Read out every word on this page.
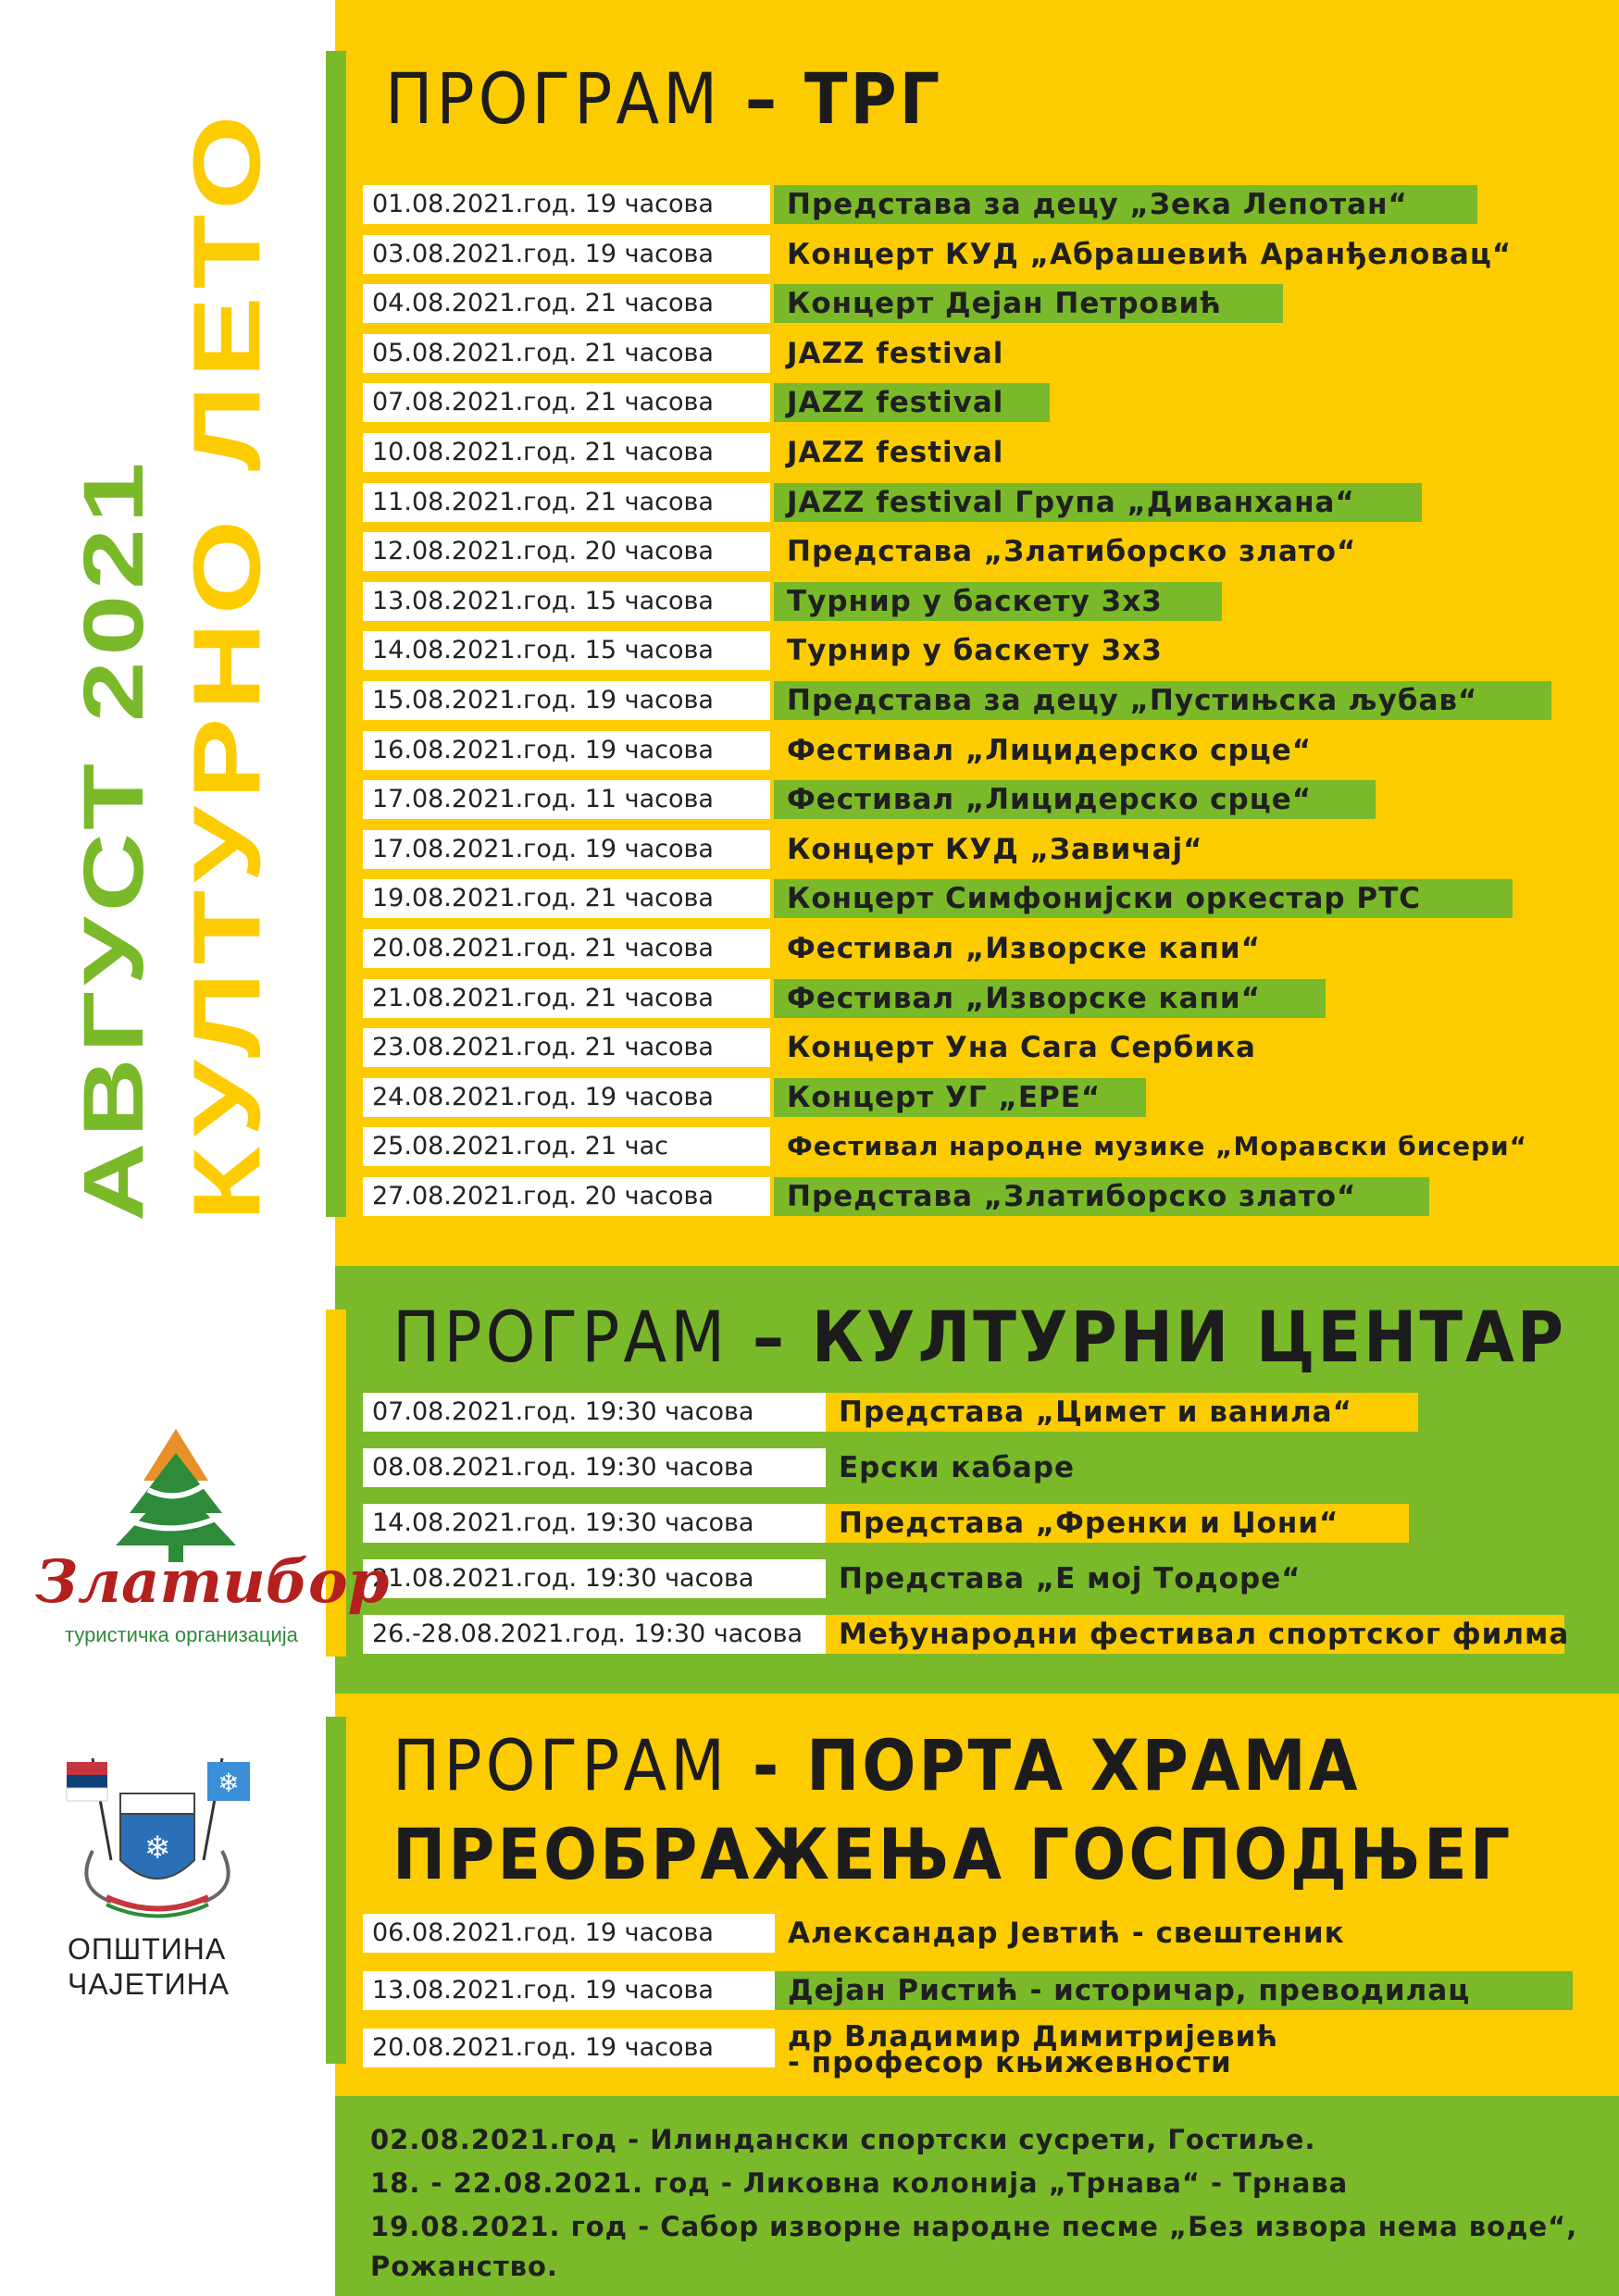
АВГУСТ 2021 КУЛТУРНО ЛЕТО
ПРОГРАМ – ТРГ
01.08.2021.год. 19 часова	Представа за децу „Зека Лепотан“
03.08.2021.год. 19 часова	Концерт КУД „Абрашевић Аранђеловац“
04.08.2021.год. 21 часова	Концерт Дејан Петровић
05.08.2021.год. 21 часова	JAZZ festival
07.08.2021.год. 21 часова	JAZZ festival
10.08.2021.год. 21 часова	JAZZ festival
11.08.2021.год. 21 часова	JAZZ festival Група „Диванхана“
12.08.2021.год. 20 часова	Представа „Златиборско злато“
13.08.2021.год. 15 часова	Турнир у баскету 3x3
14.08.2021.год. 15 часова	Турнир у баскету 3x3
15.08.2021.год. 19 часова	Представа за децу „Пустињска љубав“
16.08.2021.год. 19 часова	Фестивал „Лицидерско срце“
17.08.2021.год. 11 часова	Фестивал „Лицидерско срце“
17.08.2021.год. 19 часова	Концерт КУД „Завичај“
19.08.2021.год. 21 часова	Концерт Симфонијски оркестар РТС
20.08.2021.год. 21 часова	Фестивал „Изворске капи“
21.08.2021.год. 21 часова	Фестивал „Изворске капи“
23.08.2021.год. 21 часова	Концерт Уна Сага Сербика
24.08.2021.год. 19 часова	Концерт УГ „ЕРЕ“
25.08.2021.год. 21 час	Фестивал народне музике „Моравски бисери“
27.08.2021.год. 20 часова	Представа „Златиборско злато“
ПРОГРАМ – КУЛТУРНИ ЦЕНТАР
07.08.2021.год. 19:30 часова	Представа „Цимет и ванила“
08.08.2021.год. 19:30 часова	Ерски кабаре
14.08.2021.год. 19:30 часова	Представа „Френки и Џони“
21.08.2021.год. 19:30 часова	Представа „Е мој Тодоре“
26.-28.08.2021.год. 19:30 часова	Међународни фестивал спортског филма
ПРОГРАМ - ПОРТА ХРАМА
ПРЕОБРАЖЕЊА ГОСПОДЊЕГ
06.08.2021.год. 19 часова	Александар Јевтић - свештеник
13.08.2021.год. 19 часова	Дејан Ристић - историчар, преводилац
20.08.2021.год. 19 часова	др Владимир Димитријевић
- професор књижевности
02.08.2021.год - Илиндански спортски сусрети, Гостиље.
18. - 22.08.2021. год - Ликовна колонија „Трнава“ - Трнава
19.08.2021. год - Сабор изворне народне песме „Без извора нема воде“,
Рожанство.
Златибор
туристичка организација
❄
❄
ОПШТИНА
ЧАЈЕТИНА
